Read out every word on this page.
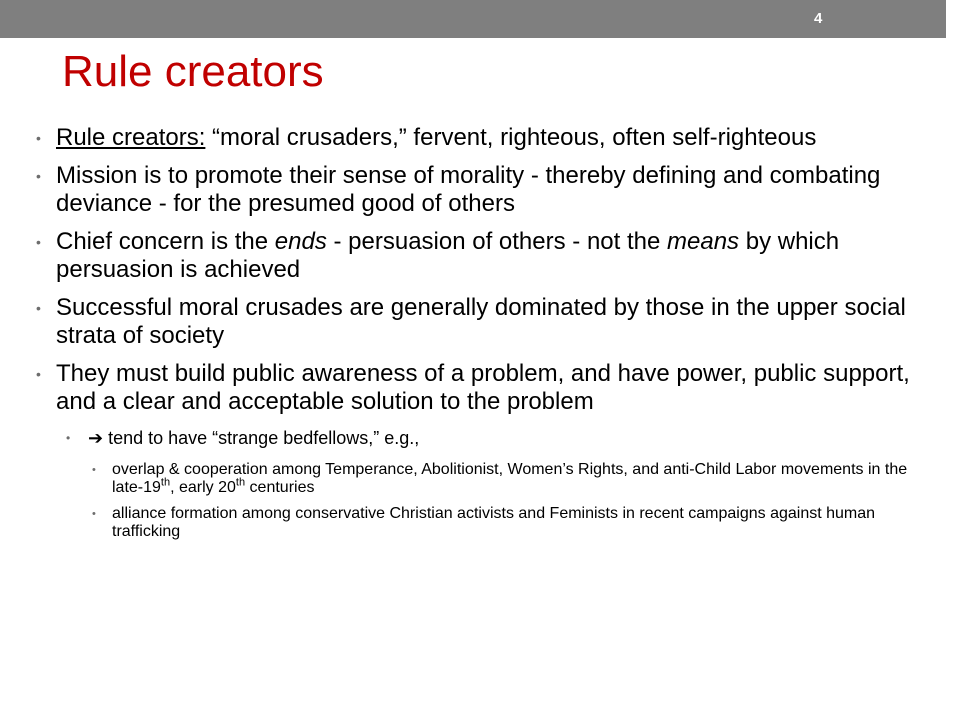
4
Rule creators
• Rule creators: “moral crusaders,” fervent, righteous, often self-righteous
• Mission is to promote their sense of morality - thereby defining and combating deviance - for the presumed good of others
• Chief concern is the ends - persuasion of others - not the means by which persuasion is achieved
• Successful moral crusades are generally dominated by those in the upper social strata of society
• They must build public awareness of a problem, and have power, public support, and a clear and acceptable solution to the problem
• ➔ tend to have “strange bedfellows,” e.g.,
• overlap & cooperation among Temperance, Abolitionist, Women’s Rights, and anti-Child Labor movements in the late-19th, early 20th centuries
• alliance formation among conservative Christian activists and Feminists in recent campaigns against human trafficking
